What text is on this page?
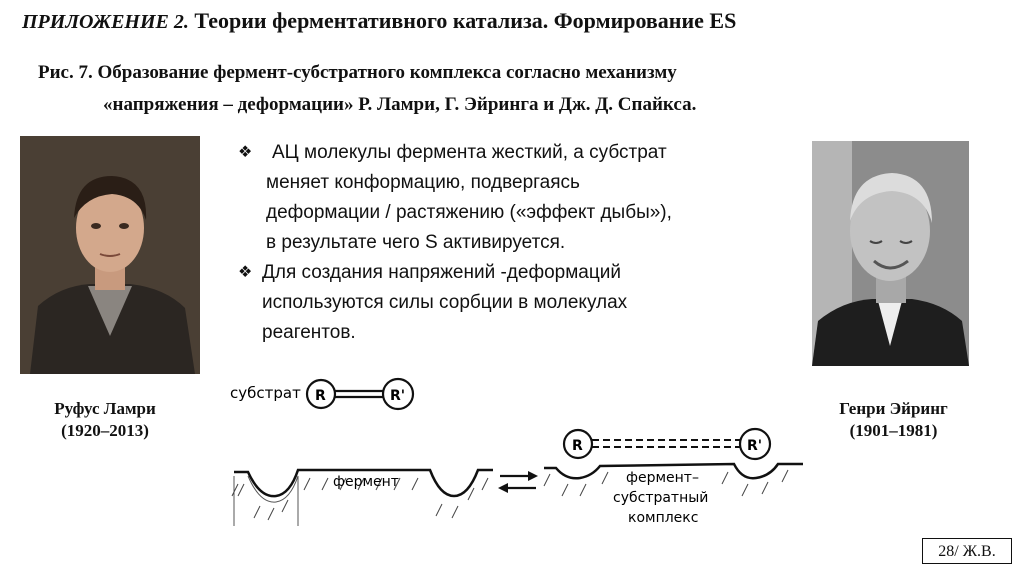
ПРИЛОЖЕНИЕ 2. Теории ферментативного катализа. Формирование ES
Рис. 7. Образование фермент-субстратного комплекса согласно механизму
«напряжения – деформации» Р. Ламри, Г. Эйринга и Дж. Д. Спайкса.
Руфус Ламри
(1920–2013)
Генри Эйринг
(1901–1981)
❖	АЦ молекулы фермента жесткий, а субстрат
меняет конформацию, подвергаясь
деформации / растяжению («эффект дыбы»),
в результате чего S активируется.
❖ Для создания напряжений -деформаций
используются силы сорбции в молекулах
реагентов.
субстрат R	R'
фермент
R	R'
фермент–
субстратный
комплекс
28/ Ж.В.
